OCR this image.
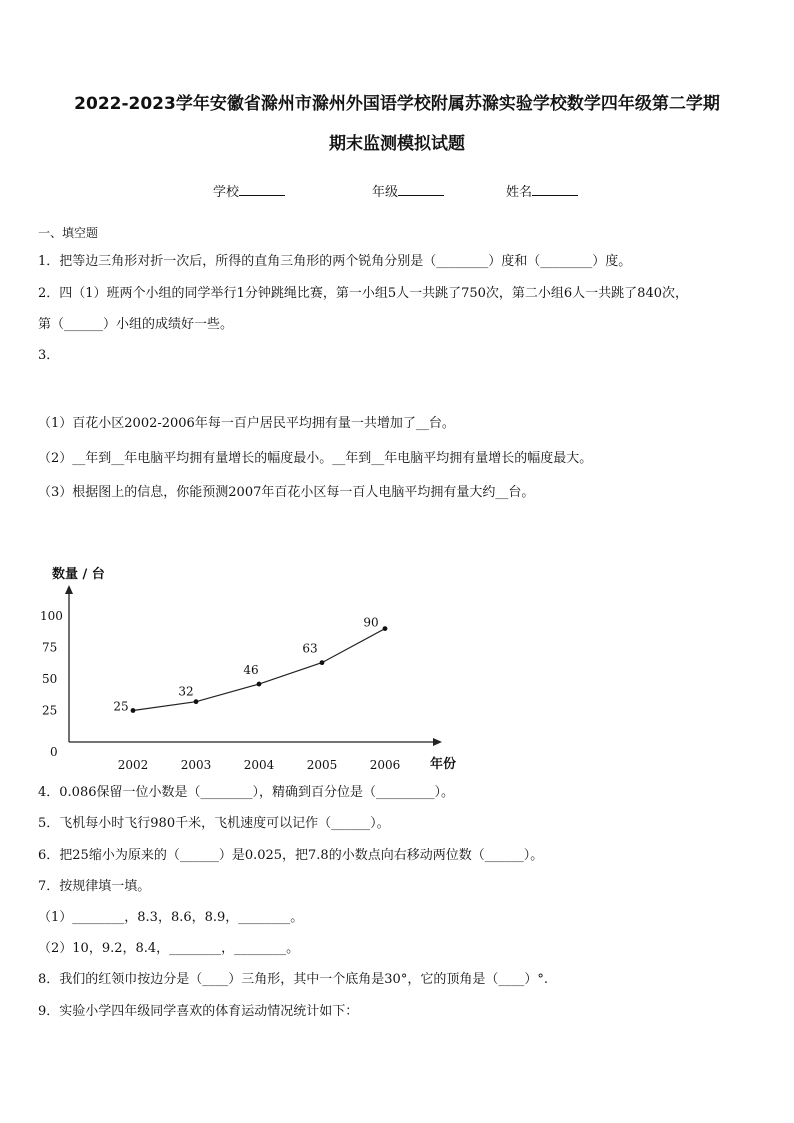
2022-2023学年安徽省滁州市滁州外国语学校附属苏滁实验学校数学四年级第二学期
期末监测模拟试题
学校	年级	姓名
一、填空题
1．把等边三角形对折一次后，所得的直角三角形的两个锐角分别是（________）度和（________）度。
2．四（1）班两个小组的同学举行1分钟跳绳比赛，第一小组5人一共跳了750次，第二小组6人一共跳了840次，
第（______）小组的成绩好一些。
3．
（1）百花小区2002-2006年每一百户居民平均拥有量一共增加了__台。
（2）__年到__年电脑平均拥有量增长的幅度最小。__年到__年电脑平均拥有量增长的幅度最大。
（3）根据图上的信息，你能预测2007年百花小区每一百人电脑平均拥有量大约__台。
数量 / 台
年份
0
25
50
75
100
2002	2003	2004	2005	2006
25
32
46
63
90
4．0.086保留一位小数是（________），精确到百分位是（_________）。
5．飞机每小时飞行980千米，飞机速度可以记作（______）。
6．把25缩小为原来的（______）是0.025，把7.8的小数点向右移动两位数（______）。
7．按规律填一填。
（1）________，8.3，8.6，8.9，________。
（2）10，9.2，8.4，________，________。
8．我们的红领巾按边分是（____）三角形，其中一个底角是30°，它的顶角是（____）°.
9．实验小学四年级同学喜欢的体育运动情况统计如下：
